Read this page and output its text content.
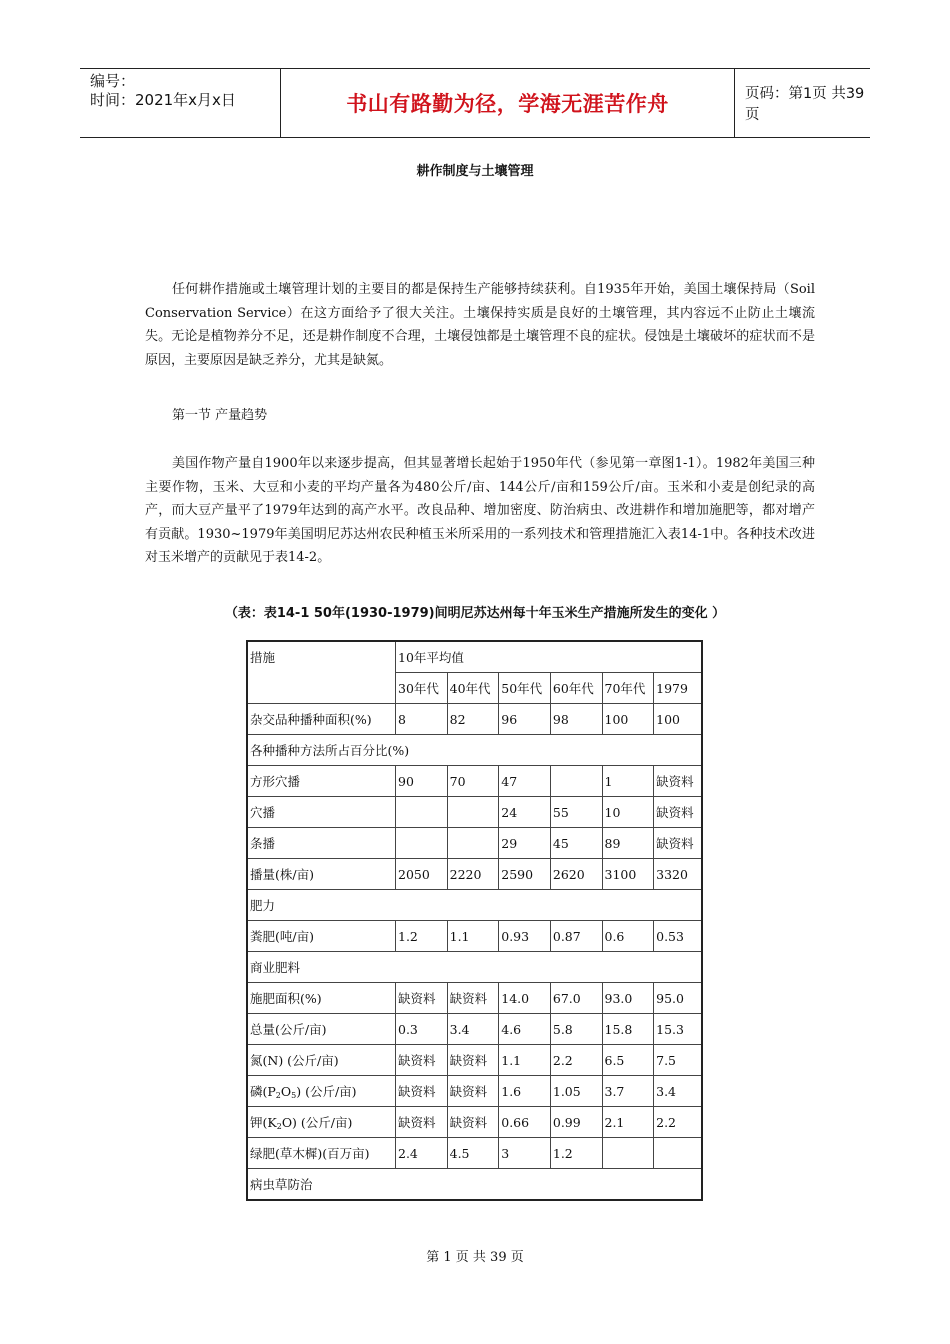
编号：
时间：2021年x月x日	书山有路勤为径，学海无涯苦作舟	页码：第1页 共39页
耕作制度与土壤管理
任何耕作措施或土壤管理计划的主要目的都是保持生产能够持续获利。自1935年开始，美国土壤保持局（Soil Conservation Service）在这方面给予了很大关注。土壤保持实质是良好的土壤管理，其内容远不止防止土壤流失。无论是植物养分不足，还是耕作制度不合理，土壤侵蚀都是土壤管理不良的症状。侵蚀是土壤破坏的症状而不是原因，主要原因是缺乏养分，尤其是缺氮。
第一节 产量趋势
美国作物产量自1900年以来逐步提高，但其显著增长起始于1950年代（参见第一章图1-1）。1982年美国三种主要作物，玉米、大豆和小麦的平均产量各为480公斤/亩、144公斤/亩和159公斤/亩。玉米和小麦是创纪录的高产，而大豆产量平了1979年达到的高产水平。改良品种、增加密度、防治病虫、改进耕作和增加施肥等，都对增产有贡献。1930~1979年美国明尼苏达州农民种植玉米所采用的一系列技术和管理措施汇入表14-1中。各种技术改进对玉米增产的贡献见于表14-2。
（表：表14-1 50年(1930-1979)间明尼苏达州每十年玉米生产措施所发生的变化 ）
措施	10年平均值					
	30年代	40年代	50年代	60年代	70年代	1979
杂交品种播种面积(%)	8	82	96	98	100	100
各种播种方法所占百分比(%)						
方形穴播	90	70	47		1	缺资料
穴播			24	55	10	缺资料
条播			29	45	89	缺资料
播量(株/亩)	2050	2220	2590	2620	3100	3320
肥力						
粪肥(吨/亩)	1.2	1.1	0.93	0.87	0.6	0.53
商业肥料						
施肥面积(%)	缺资料	缺资料	14.0	67.0	93.0	95.0
总量(公斤/亩)	0.3	3.4	4.6	5.8	15.8	15.3
氮(N) (公斤/亩)	缺资料	缺资料	1.1	2.2	6.5	7.5
磷$(P_2O_5)$ (公斤/亩)	缺资料	缺资料	1.6	1.05	3.7	3.4
钾$(K_2O)$ (公斤/亩)	缺资料	缺资料	0.66	0.99	2.1	2.2
绿肥(草木樨)(百万亩)	2.4	4.5	3	1.2		
病虫草防治						
第 1 页 共 39 页
